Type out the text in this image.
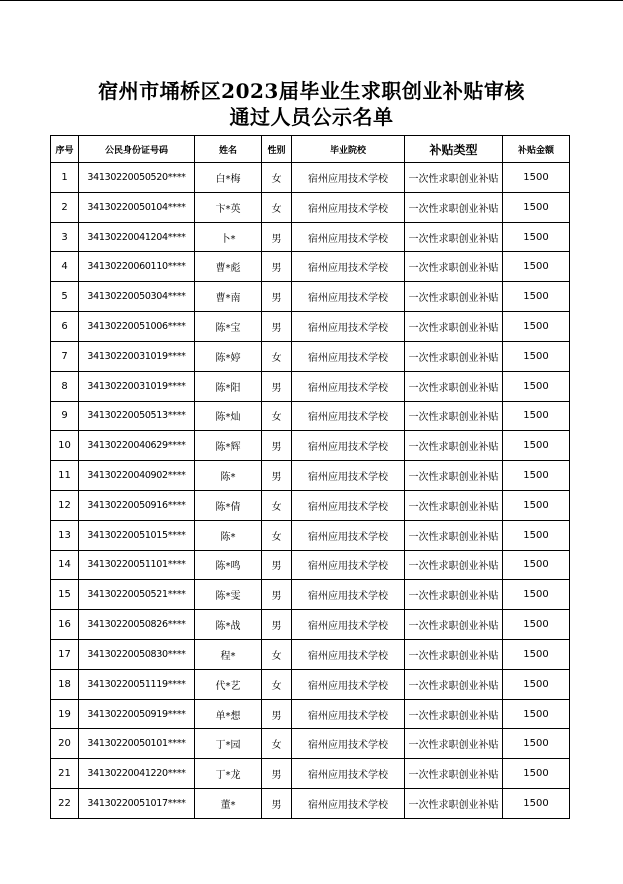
宿州市埇桥区2023届毕业生求职创业补贴审核
通过人员公示名单
序号	公民身份证号码	姓名	性别	毕业院校	补贴类型	补贴金额
1	34130220050520****	白*梅	女	宿州应用技术学校	一次性求职创业补贴	1500
2	34130220050104****	卞*英	女	宿州应用技术学校	一次性求职创业补贴	1500
3	34130220041204****	卜*	男	宿州应用技术学校	一次性求职创业补贴	1500
4	34130220060110****	曹*彪	男	宿州应用技术学校	一次性求职创业补贴	1500
5	34130220050304****	曹*南	男	宿州应用技术学校	一次性求职创业补贴	1500
6	34130220051006****	陈*宝	男	宿州应用技术学校	一次性求职创业补贴	1500
7	34130220031019****	陈*婷	女	宿州应用技术学校	一次性求职创业补贴	1500
8	34130220031019****	陈*阳	男	宿州应用技术学校	一次性求职创业补贴	1500
9	34130220050513****	陈*灿	女	宿州应用技术学校	一次性求职创业补贴	1500
10	34130220040629****	陈*辉	男	宿州应用技术学校	一次性求职创业补贴	1500
11	34130220040902****	陈*	男	宿州应用技术学校	一次性求职创业补贴	1500
12	34130220050916****	陈*倩	女	宿州应用技术学校	一次性求职创业补贴	1500
13	34130220051015****	陈*	女	宿州应用技术学校	一次性求职创业补贴	1500
14	34130220051101****	陈*鸣	男	宿州应用技术学校	一次性求职创业补贴	1500
15	34130220050521****	陈*雯	男	宿州应用技术学校	一次性求职创业补贴	1500
16	34130220050826****	陈*战	男	宿州应用技术学校	一次性求职创业补贴	1500
17	34130220050830****	程*	女	宿州应用技术学校	一次性求职创业补贴	1500
18	34130220051119****	代*艺	女	宿州应用技术学校	一次性求职创业补贴	1500
19	34130220050919****	单*想	男	宿州应用技术学校	一次性求职创业补贴	1500
20	34130220050101****	丁*园	女	宿州应用技术学校	一次性求职创业补贴	1500
21	34130220041220****	丁*龙	男	宿州应用技术学校	一次性求职创业补贴	1500
22	34130220051017****	董*	男	宿州应用技术学校	一次性求职创业补贴	1500
